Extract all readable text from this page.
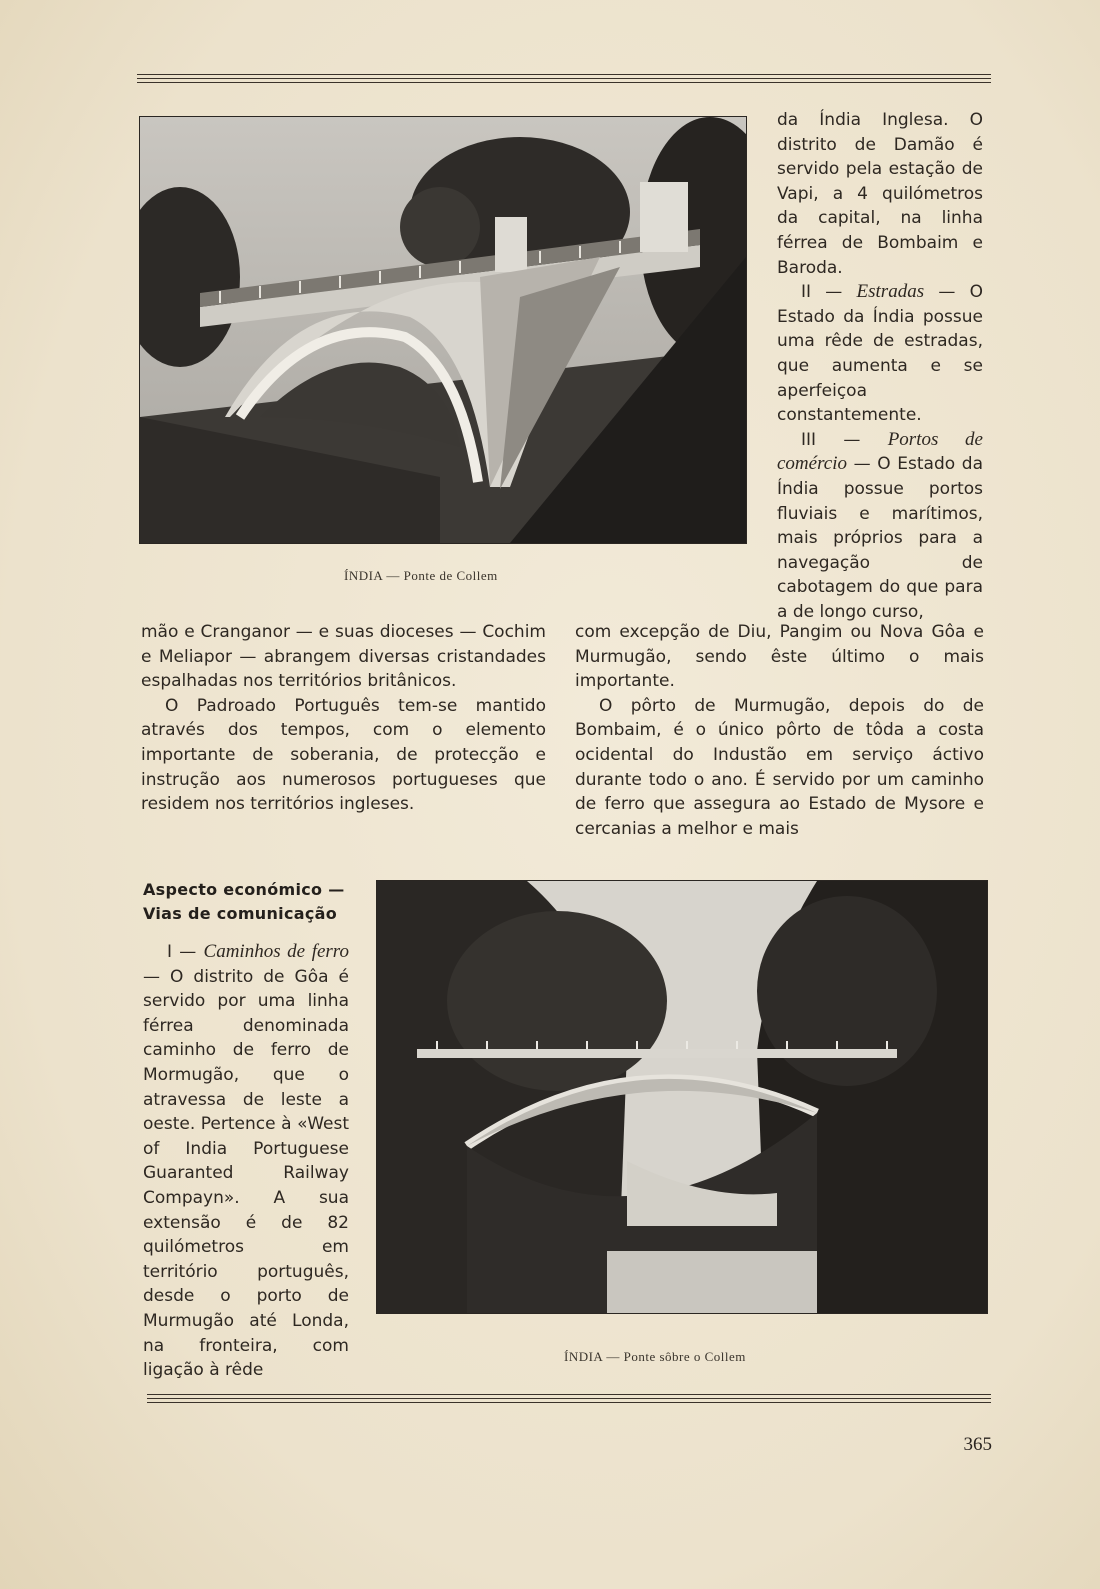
ÍNDIA — Ponte de Collem

da Índia Inglesa. O distrito de Damão é servido pela estação de Vapi, a 4 quilómetros da capital, na linha férrea de Bombaim e Baroda.

II — Estradas — O Estado da Índia possue uma rêde de estradas, que aumenta e se aperfeiçoa constantemente.

III — Portos de comércio — O Estado da Índia possue portos fluviais e marítimos, mais próprios para a navegação de cabotagem do que para a de longo curso,

mão e Cranganor — e suas dioceses — Cochim e Meliapor — abrangem diversas cristandades espalhadas nos territórios britânicos.

O Padroado Português tem-se mantido através dos tempos, com o elemento importante de soberania, de protecção e instrução aos numerosos portugueses que residem nos territórios ingleses.

com excepção de Diu, Pangim ou Nova Gôa e Murmugão, sendo êste último o mais importante.

O pôrto de Murmugão, depois do de Bombaim, é o único pôrto de tôda a costa ocidental do Industão em serviço áctivo durante todo o ano. É servido por um caminho de ferro que assegura ao Estado de Mysore e cercanias a melhor e mais

Aspecto económico — Vias de comunicação

I — Caminhos de ferro — O distrito de Gôa é servido por uma linha férrea denominada caminho de ferro de Mormugão, que o atravessa de leste a oeste. Pertence à «West of India Portuguese Guaranted Railway Compayn». A sua extensão é de 82 quilómetros em território português, desde o porto de Murmugão até Londa, na fronteira, com ligação à rêde

ÍNDIA — Ponte sôbre o Collem
365
